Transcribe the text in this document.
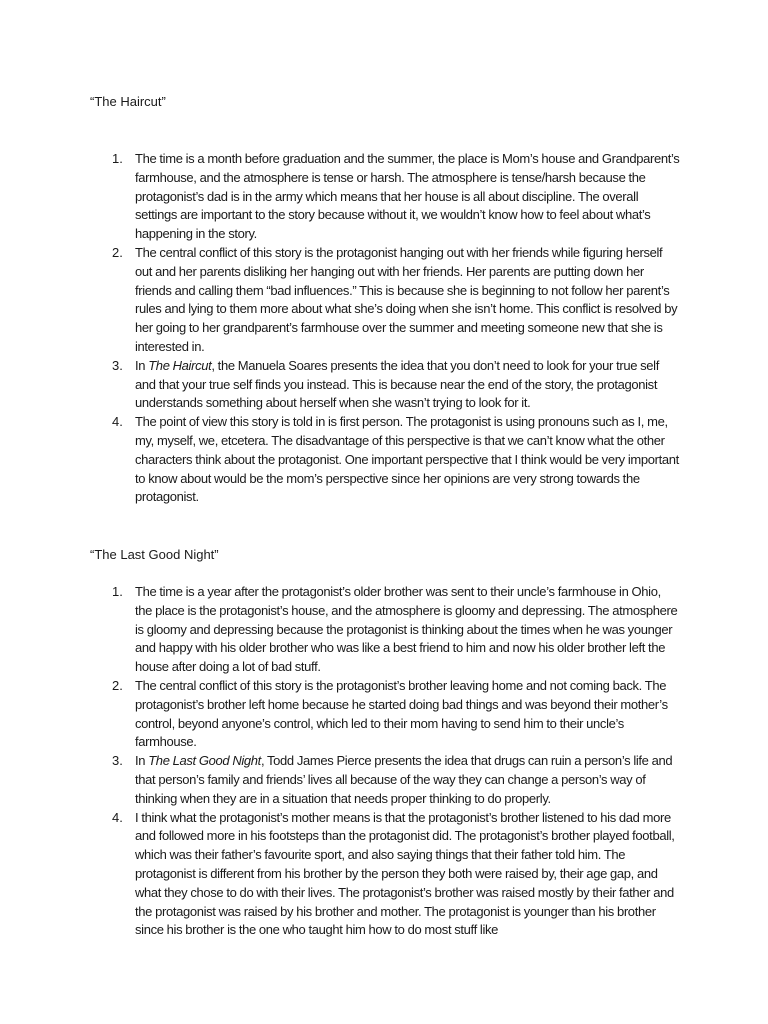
“The Haircut”
1. The time is a month before graduation and the summer, the place is Mom’s house and Grandparent’s farmhouse, and the atmosphere is tense or harsh. The atmosphere is tense/harsh because the protagonist’s dad is in the army which means that her house is all about discipline. The overall settings are important to the story because without it, we wouldn’t know how to feel about what’s happening in the story.
2. The central conflict of this story is the protagonist hanging out with her friends while figuring herself out and her parents disliking her hanging out with her friends. Her parents are putting down her friends and calling them “bad influences.” This is because she is beginning to not follow her parent’s rules and lying to them more about what she’s doing when she isn’t home. This conflict is resolved by her going to her grandparent’s farmhouse over the summer and meeting someone new that she is interested in.
3. In The Haircut, the Manuela Soares presents the idea that you don’t need to look for your true self and that your true self finds you instead. This is because near the end of the story, the protagonist understands something about herself when she wasn’t trying to look for it.
4. The point of view this story is told in is first person. The protagonist is using pronouns such as I, me, my, myself, we, etcetera. The disadvantage of this perspective is that we can’t know what the other characters think about the protagonist. One important perspective that I think would be very important to know about would be the mom’s perspective since her opinions are very strong towards the protagonist.
“The Last Good Night”
1. The time is a year after the protagonist’s older brother was sent to their uncle’s farmhouse in Ohio, the place is the protagonist’s house, and the atmosphere is gloomy and depressing. The atmosphere is gloomy and depressing because the protagonist is thinking about the times when he was younger and happy with his older brother who was like a best friend to him and now his older brother left the house after doing a lot of bad stuff.
2. The central conflict of this story is the protagonist’s brother leaving home and not coming back. The protagonist’s brother left home because he started doing bad things and was beyond their mother’s control, beyond anyone’s control, which led to their mom having to send him to their uncle’s farmhouse.
3. In The Last Good Night, Todd James Pierce presents the idea that drugs can ruin a person’s life and that person’s family and friends’ lives all because of the way they can change a person’s way of thinking when they are in a situation that needs proper thinking to do properly.
4. I think what the protagonist’s mother means is that the protagonist’s brother listened to his dad more and followed more in his footsteps than the protagonist did. The protagonist’s brother played football, which was their father’s favourite sport, and also saying things that their father told him. The protagonist is different from his brother by the person they both were raised by, their age gap, and what they chose to do with their lives. The protagonist’s brother was raised mostly by their father and the protagonist was raised by his brother and mother. The protagonist is younger than his brother since his brother is the one who taught him how to do most stuff like
